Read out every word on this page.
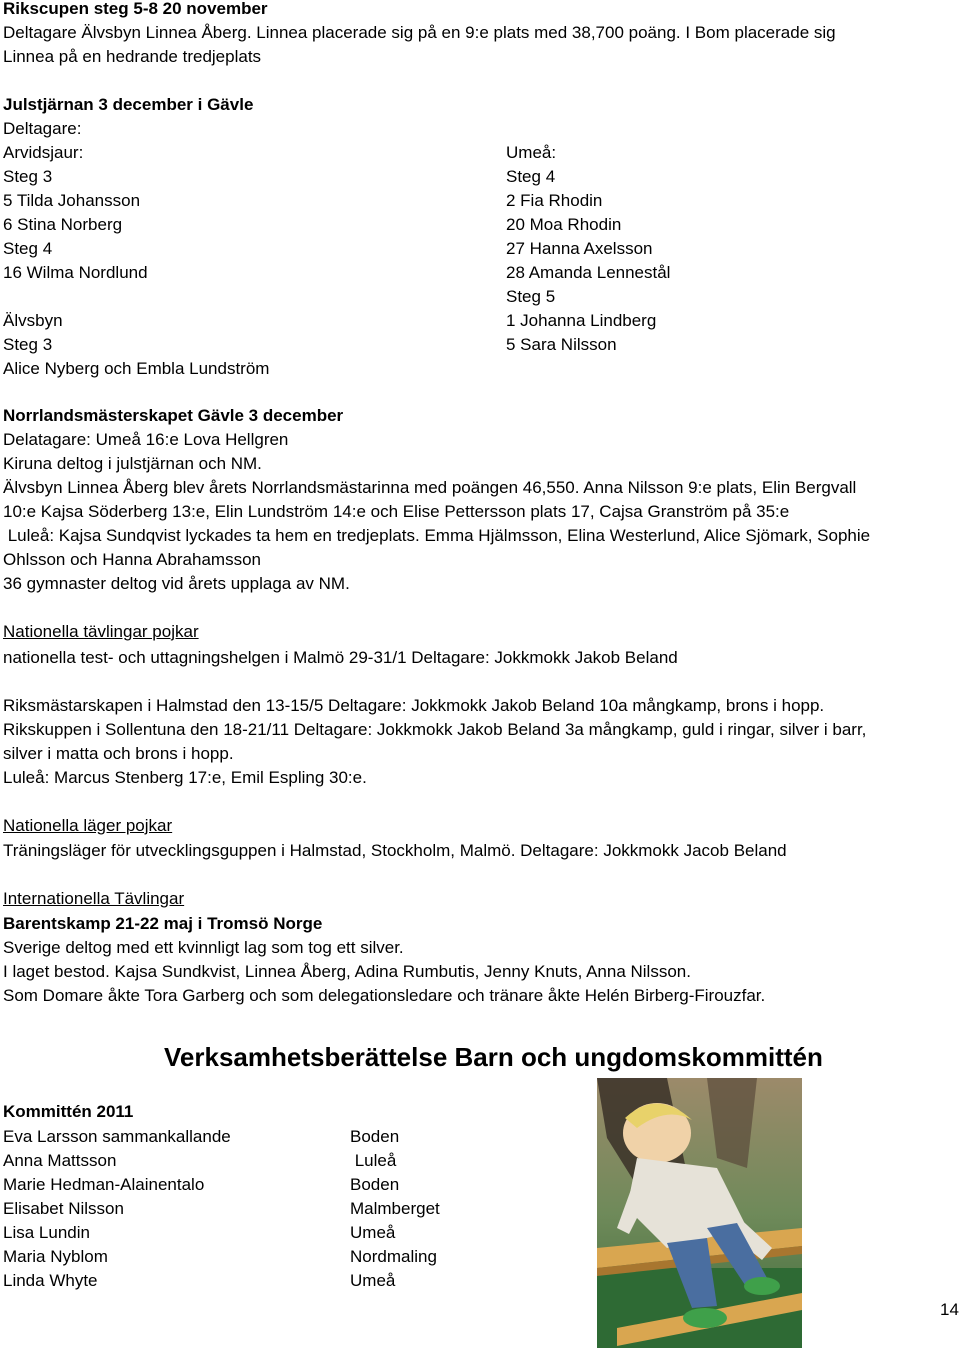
Rikscupen steg 5-8 20 november
Deltagare Älvsbyn Linnea Åberg. Linnea placerade sig på en 9:e plats med 38,700 poäng. I Bom placerade sig
Linnea på en hedrande tredjeplats
Julstjärnan 3 december i Gävle
Deltagare:
Arvidsjaur:
Steg 3
5 Tilda Johansson
6 Stina Norberg
Steg 4
16 Wilma Nordlund
Älvsbyn
Steg 3
Alice Nyberg och Embla Lundström
Umeå:
Steg 4
2 Fia Rhodin
20 Moa Rhodin
27 Hanna Axelsson
28 Amanda Lennestål
Steg 5
1 Johanna Lindberg
5 Sara Nilsson
Norrlandsmästerskapet Gävle 3 december
Delatagare: Umeå 16:e Lova Hellgren
Kiruna deltog i julstjärnan och NM.
Älvsbyn Linnea Åberg blev årets Norrlandsmästarinna med poängen 46,550. Anna Nilsson 9:e plats, Elin Bergvall
10:e Kajsa Söderberg 13:e, Elin Lundström 14:e och Elise Pettersson plats 17, Cajsa Granström på 35:e
Luleå: Kajsa Sundqvist lyckades ta hem en tredjeplats. Emma Hjälmsson, Elina Westerlund, Alice Sjömark, Sophie
Ohlsson och Hanna Abrahamsson
36 gymnaster deltog vid årets upplaga av NM.
Nationella tävlingar pojkar
nationella test- och uttagningshelgen i Malmö 29-31/1 Deltagare: Jokkmokk Jakob Beland
Riksmästarskapen i Halmstad den 13-15/5 Deltagare: Jokkmokk Jakob Beland 10a mångkamp, brons i hopp.
Rikskuppen i Sollentuna den 18-21/11 Deltagare: Jokkmokk Jakob Beland 3a mångkamp, guld i ringar, silver i barr,
silver i matta och brons i hopp.
Luleå: Marcus Stenberg 17:e, Emil Espling 30:e.
Nationella läger pojkar
Träningsläger för utvecklingsguppen i Halmstad, Stockholm, Malmö. Deltagare: Jokkmokk Jacob Beland
Internationella Tävlingar
Barentskamp 21-22 maj i Tromsö Norge
Sverige deltog med ett kvinnligt lag som tog ett silver.
I laget bestod. Kajsa Sundkvist, Linnea Åberg, Adina Rumbutis, Jenny Knuts, Anna Nilsson.
Som Domare åkte Tora Garberg och som delegationsledare och tränare åkte Helén Birberg-Firouzfar.
Verksamhetsberättelse Barn och ungdomskommittén
Kommittén 2011
Eva Larsson sammankallande	Boden
Anna Mattsson	Luleå
Marie Hedman-Alainentalo	Boden
Elisabet Nilsson	Malmberget
Lisa Lundin	Umeå
Maria Nyblom	Nordmaling
Linda Whyte	Umeå
14
